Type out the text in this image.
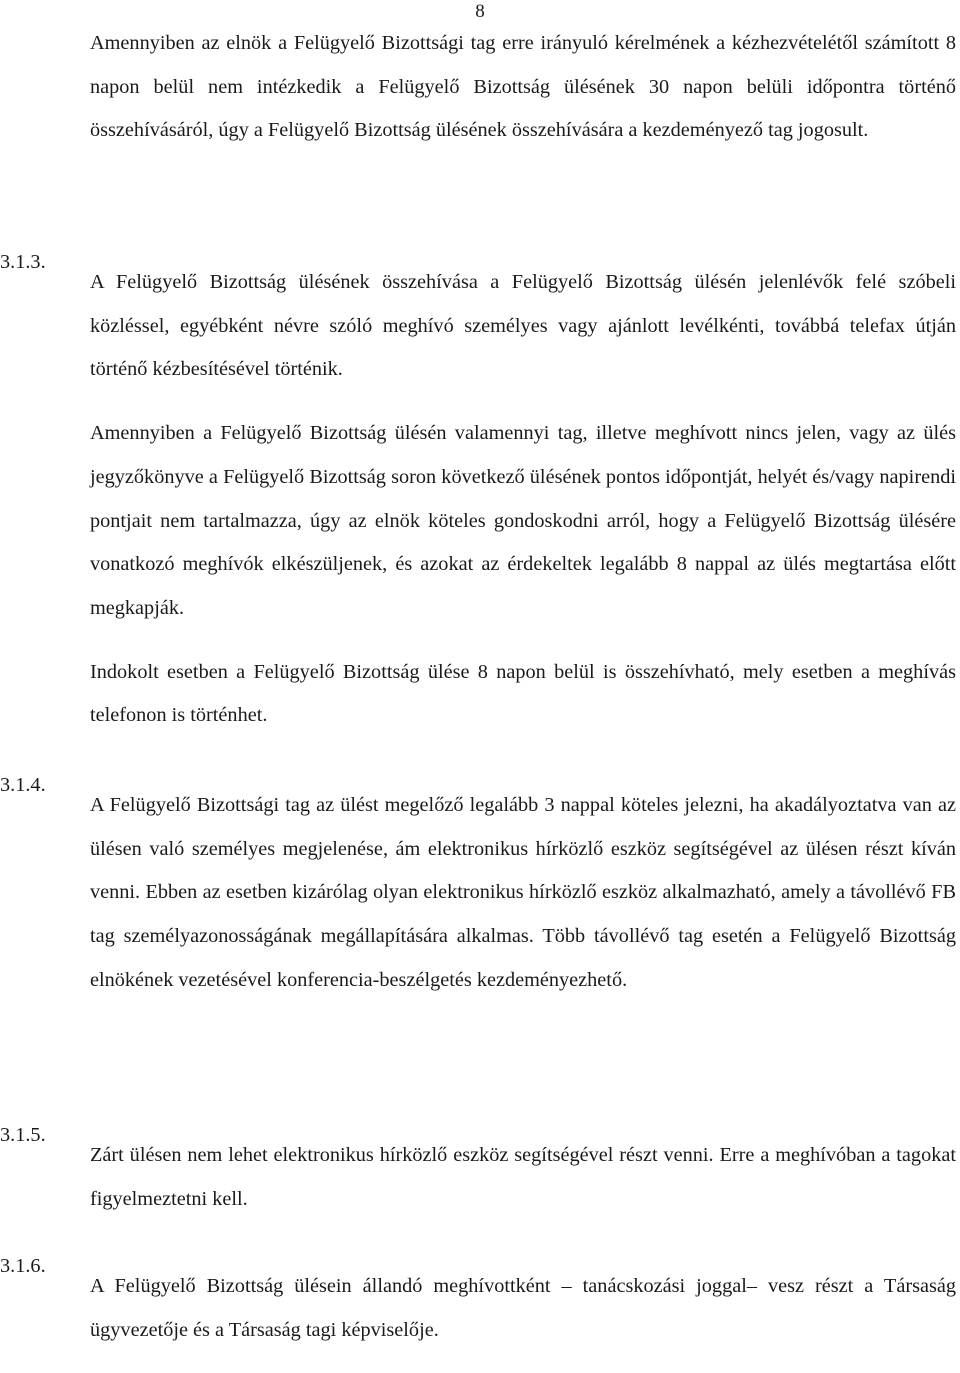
8
Amennyiben az elnök a Felügyelő Bizottsági tag erre irányuló kérelmének a kézhezvételétől számított 8 napon belül nem intézkedik a Felügyelő Bizottság ülésének 30 napon belüli időpontra történő összehívásáról, úgy a Felügyelő Bizottság ülésének összehívására a kezdeményező tag jogosult.
3.1.3.

A Felügyelő Bizottság ülésének összehívása a Felügyelő Bizottság ülésén jelenlévők felé szóbeli közléssel, egyébként névre szóló meghívó személyes vagy ajánlott levélkénti, továbbá telefax útján történő kézbesítésével történik.

Amennyiben a Felügyelő Bizottság ülésén valamennyi tag, illetve meghívott nincs jelen, vagy az ülés jegyzőkönyve a Felügyelő Bizottság soron következő ülésének pontos időpontját, helyét és/vagy napirendi pontjait nem tartalmazza, úgy az elnök köteles gondoskodni arról, hogy a Felügyelő Bizottság ülésére vonatkozó meghívók elkészüljenek, és azokat az érdekeltek legalább 8 nappal az ülés megtartása előtt megkapják.

Indokolt esetben a Felügyelő Bizottság ülése 8 napon belül is összehívható, mely esetben a meghívás telefonon is történhet.

3.1.4.

A Felügyelő Bizottsági tag az ülést megelőző legalább 3 nappal köteles jelezni, ha akadályoztatva van az ülésen való személyes megjelenése, ám elektronikus hírközlő eszköz segítségével az ülésen részt kíván venni. Ebben az esetben kizárólag olyan elektronikus hírközlő eszköz alkalmazható, amely a távollévő FB tag személyazonosságának megállapítására alkalmas. Több távollévő tag esetén a Felügyelő Bizottság elnökének vezetésével konferencia-beszélgetés kezdeményezhető.

3.1.5.

Zárt ülésen nem lehet elektronikus hírközlő eszköz segítségével részt venni. Erre a meghívóban a tagokat figyelmeztetni kell.

3.1.6.

A Felügyelő Bizottság ülésein állandó meghívottként – tanácskozási joggal– vesz részt a Társaság ügyvezetője és a Társaság tagi képviselője.
